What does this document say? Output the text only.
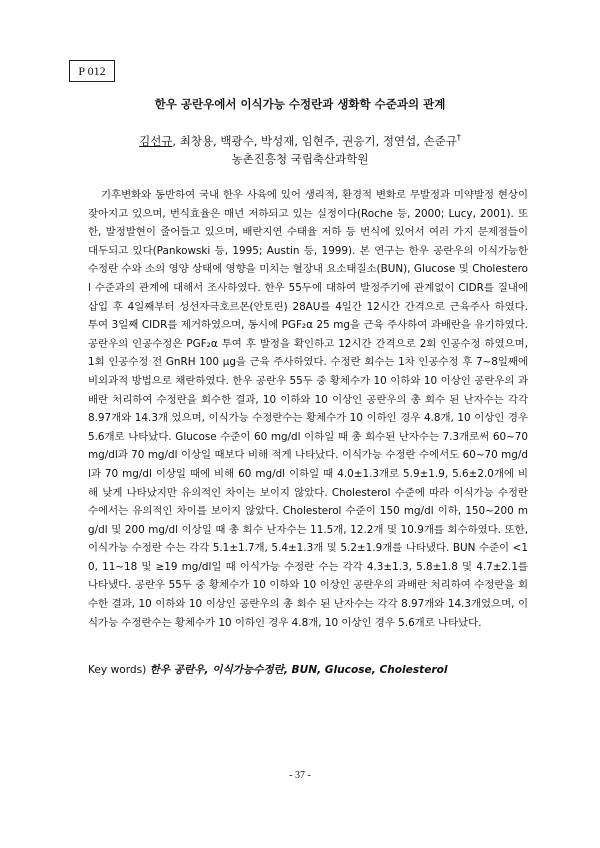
P 012
한우 공란우에서 이식가능 수정란과 생화학 수준과의 관계
김선규, 최창용, 백광수, 박성재, 임현주, 권응기, 정연섭, 손준규†
농촌진흥청 국립축산과학원

기후변화와 동반하여 국내 한우 사육에 있어 생리적, 환경적 변화로 무발정과 미약발정 현상이 잦아지고 있으며, 번식효율은 매년 저하되고 있는 실정이다(Roche 등, 2000; Lucy, 2001). 또한, 발정발현이 줄어들고 있으며, 배란지연 수태율 저하 등 번식에 있어서 여러 가지 문제점들이 대두되고 있다(Pankowski 등, 1995; Austin 등, 1999). 본 연구는 한우 공란우의 이식가능한 수정란 수와 소의 영양 상태에 영향을 미치는 혈장내 요소태질소(BUN), Glucose 및 Cholesterol 수준과의 관계에 대해서 조사하였다. 한우 55두에 대하여 발정주기에 관계없이 CIDR를 질내에 삽입 후 4일째부터 성선자극호르몬(안토린) 28AU를 4일간 12시간 간격으로 근육주사 하였다. 투여 3일째 CIDR를 제거하였으며, 동시에 PGF₂α 25 mg을 근육 주사하여 과배란을 유기하였다. 공란우의 인공수정은 PGF₂α 투여 후 발정을 확인하고 12시간 간격으로 2회 인공수정 하였으며, 1회 인공수정 전 GnRH 100 μg을 근육 주사하였다. 수정란 회수는 1차 인공수정 후 7∼8일째에 비외과적 방법으로 채란하였다. 한우 공란우 55두 중 황체수가 10 이하와 10 이상인 공란우의 과배란 처리하여 수정란을 회수한 결과, 10 이하와 10 이상인 공란우의 총 회수 된 난자수는 각각 8.97개와 14.3개 었으며, 이식가능 수정란수는 황체수가 10 이하인 경우 4.8개, 10 이상인 경우 5.6개로 나타났다. Glucose 수준이 60 mg/dl 이하일 때 총 회수된 난자수는 7.3개로써 60∼70 mg/dl과 70 mg/dl 이상일 때보다 비해 적게 나타났다. 이식가능 수정란 수에서도 60∼70 mg/dl과 70 mg/dl 이상일 때에 비해 60 mg/dl 이하일 때 4.0±1.3개로 5.9±1.9, 5.6±2.0개에 비해 낮게 나타났지만 유의적인 차이는 보이지 않았다. Cholesterol 수준에 따라 이식가능 수정란 수에서는 유의적인 차이를 보이지 않았다. Cholesterol 수준이 150 mg/dl 이하, 150∼200 mg/dl 및 200 mg/dl 이상일 때 총 회수 난자수는 11.5개, 12.2개 및 10.9개를 회수하였다. 또한, 이식가능 수정란 수는 각각 5.1±1.7개, 5.4±1.3개 및 5.2±1.9개를 나타냈다. BUN 수준이 <10, 11∼18 및 ≥19 mg/dl일 때 이식가능 수정란 수는 각각 4.3±1.3, 5.8±1.8 및 4.7±2.1를 나타냈다. 공란우 55두 중 황체수가 10 이하와 10 이상인 공란우의 과배란 처리하여 수정란을 회수한 결과, 10 이하와 10 이상인 공란우의 총 회수 된 난자수는 각각 8.97개와 14.3개었으며, 이식가능 수정란수는 황체수가 10 이하인 경우 4.8개, 10 이상인 경우 5.6개로 나타났다.

Key words) 한우 공란우, 이식가능수정란, BUN, Glucose, Cholesterol
- 37 -
